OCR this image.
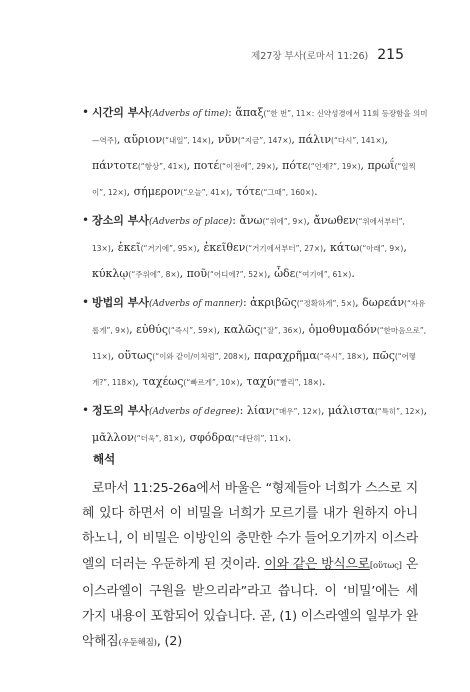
제27장 부사(로마서 11:26) 215
• 시간의 부사(Adverbs of time): ἅπαξ(“한 번”, 11×: 신약성경에서 11회 등장함을 의미—역주), αὔριον(“내일”, 14×), νῦν(“지금”, 147×), πάλιν(“다시”, 141×), πάντοτε(“항상”, 41×), ποτέ(“이전에”, 29×), πότε(“언제?”, 19×), πρωΐ(“일찍이”, 12×), σήμερον(“오늘”, 41×), τότε(“그때”, 160×).
• 장소의 부사(Adverbs of place): ἄνω(“위에”, 9×), ἄνωθεν(“위에서부터”, 13×), ἐκεῖ(“거기에”, 95×), ἐκεῖθεν(“거기에서부터”, 27×), κάτω(“아래”, 9×), κύκλῳ(“주위에”, 8×), ποῦ(“어디에?”, 52×), ὧδε(“여기에”, 61×).
• 방법의 부사(Adverbs of manner): ἀκριβῶς(“정확하게”, 5×), δωρεάν(“자유롭게”, 9×), εὐθύς(“즉시”, 59×), καλῶς(“잘”, 36×), ὁμοθυμαδόν(“한마음으로”, 11×), οὕτως(“이와 같이/이처럼”, 208×), παραχρῆμα(“즉시”, 18×), πῶς(“어떻게?”, 118×), ταχέως(“빠르게”, 10×), ταχύ(“빨리”, 18×).
• 정도의 부사(Adverbs of degree): λίαν(“매우”, 12×), μάλιστα(“특히”, 12×), μᾶλλον(“더욱”, 81×), σφόδρα(“대단히”, 11×).
해석

로마서 11:25-26a에서 바울은 “형제들아 너희가 스스로 지혜 있다 하면서 이 비밀을 너희가 모르기를 내가 원하지 아니하노니, 이 비밀은 이방인의 충만한 수가 들어오기까지 이스라엘의 더러는 우둔하게 된 것이라. 이와 같은 방식으로[οὕτως] 온 이스라엘이 구원을 받으리라”라고 씁니다. 이 ‘비밀’에는 세 가지 내용이 포함되어 있습니다. 곧, (1) 이스라엘의 일부가 완악해짐(우둔해짐), (2)
